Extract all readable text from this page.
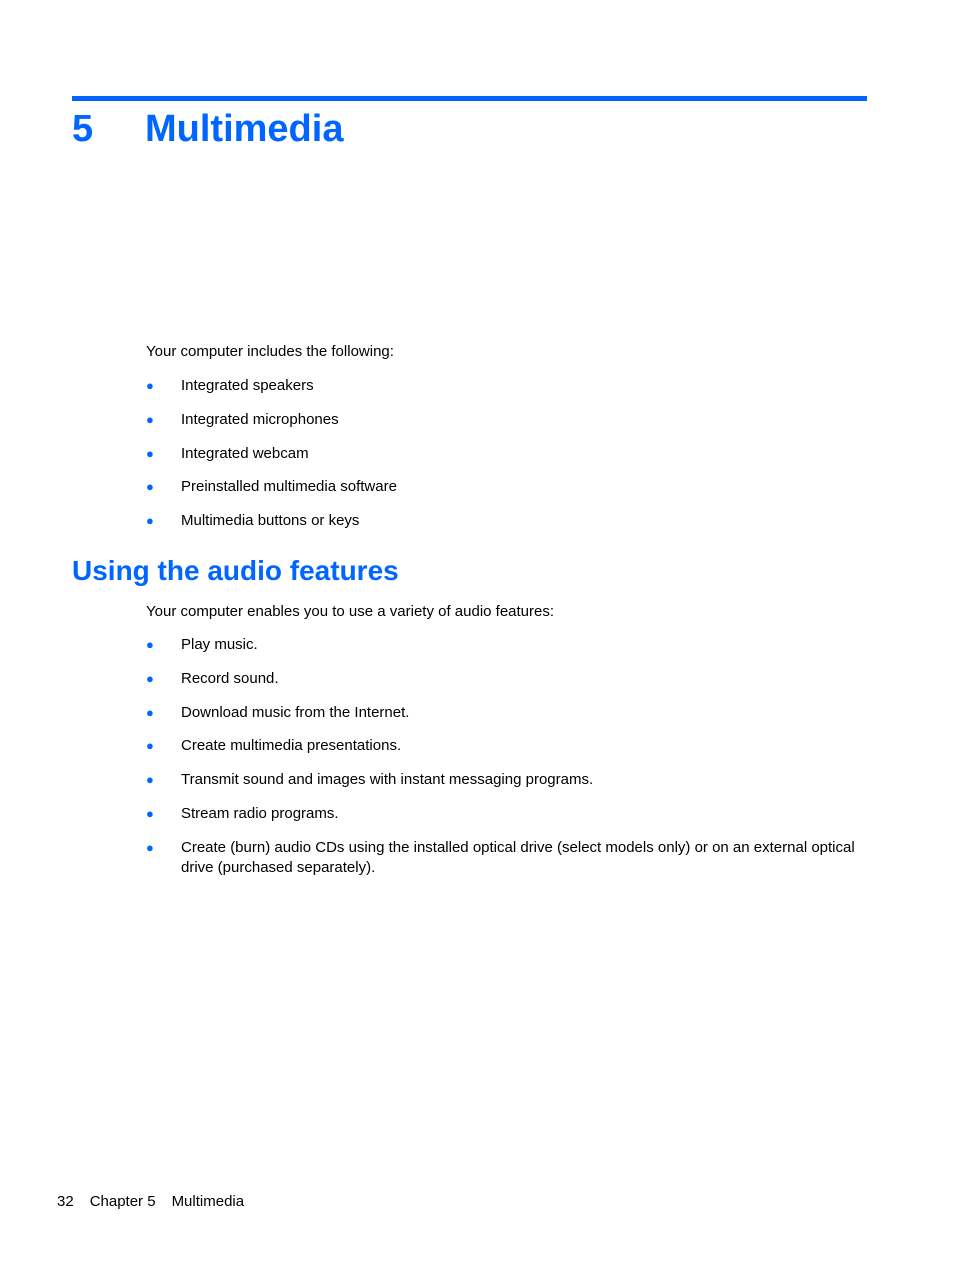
5 Multimedia

Your computer includes the following:

● Integrated speakers
● Integrated microphones
● Integrated webcam
● Preinstalled multimedia software
● Multimedia buttons or keys
Using the audio features

Your computer enables you to use a variety of audio features:

● Play music.
● Record sound.
● Download music from the Internet.
● Create multimedia presentations.
● Transmit sound and images with instant messaging programs.
● Stream radio programs.
● Create (burn) audio CDs using the installed optical drive (select models only) or on an external optical drive (purchased separately).
32 Chapter 5 Multimedia
